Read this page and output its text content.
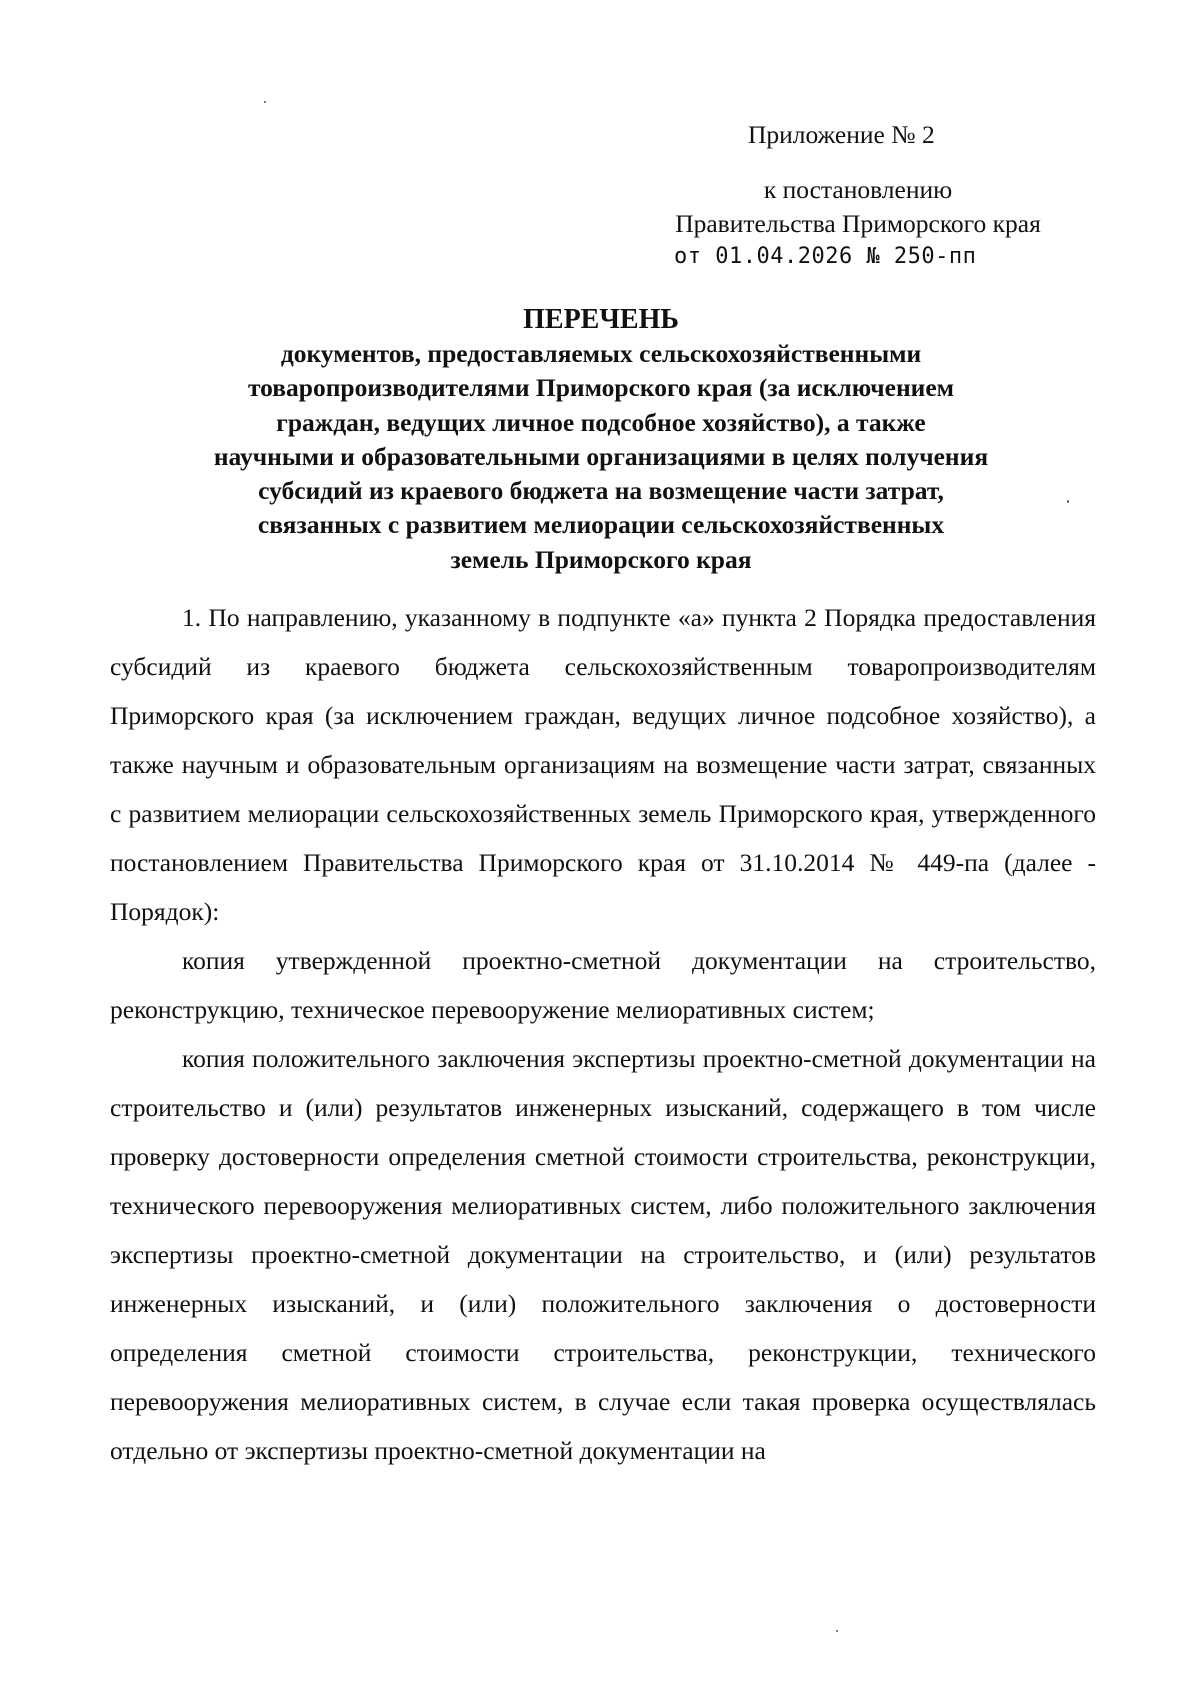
Приложение № 2
к постановлению
Правительства Приморского края
от 01.04.2026 № 250-пп
ПЕРЕЧЕНЬ
документов, предоставляемых сельскохозяйственными
товаропроизводителями Приморского края (за исключением
граждан, ведущих личное подсобное хозяйство), а также
научными и образовательными организациями в целях получения
субсидий из краевого бюджета на возмещение части затрат,
связанных с развитием мелиорации сельскохозяйственных
земель Приморского края

1. По направлению, указанному в подпункте «а» пункта 2 Порядка предоставления субсидий из краевого бюджета сельскохозяйственным товаропроизводителям Приморского края (за исключением граждан, ведущих личное подсобное хозяйство), а также научным и образовательным организациям на возмещение части затрат, связанных с развитием мелиорации сельскохозяйственных земель Приморского края, утвержденного постановлением Правительства Приморского края от 31.10.2014 № 449-па (далее - Порядок):

копия утвержденной проектно-сметной документации на строительство, реконструкцию, техническое перевооружение мелиоративных систем;

копия положительного заключения экспертизы проектно-сметной документации на строительство и (или) результатов инженерных изысканий, содержащего в том числе проверку достоверности определения сметной стоимости строительства, реконструкции, технического перевооружения мелиоративных систем, либо положительного заключения экспертизы проектно-сметной документации на строительство, и (или) результатов инженерных изысканий, и (или) положительного заключения о достоверности определения сметной стоимости строительства, реконструкции, технического перевооружения мелиоративных систем, в случае если такая проверка осуществлялась отдельно от экспертизы проектно-сметной документации на
